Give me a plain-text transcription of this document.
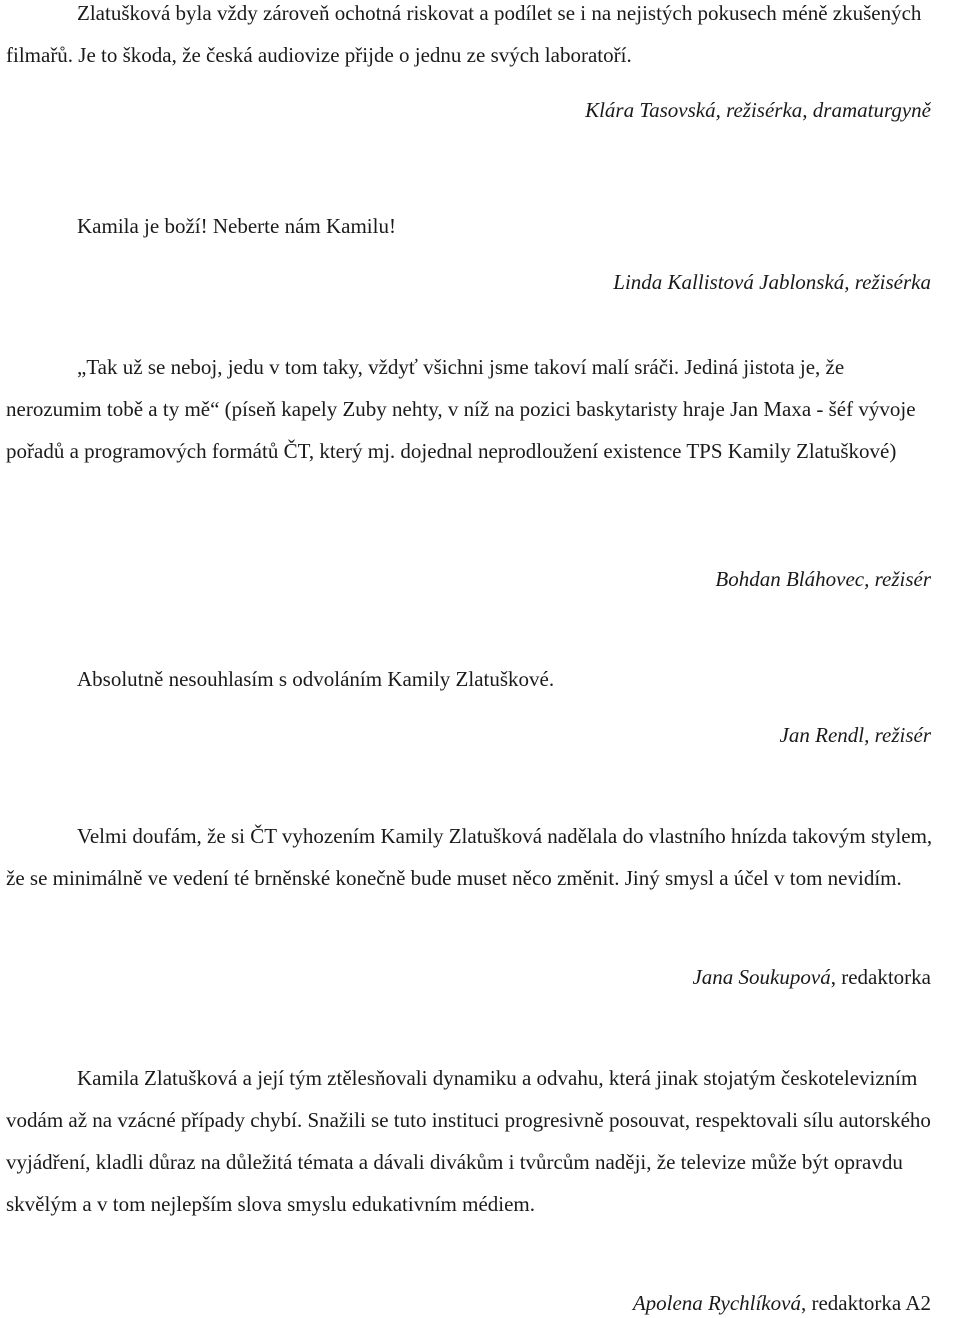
Zlatušková byla vždy zároveň ochotná riskovat a podílet se i na nejistých pokusech méně zkušených filmařů. Je to škoda, že česká audiovize přijde o jednu ze svých laboratoří.

Klára Tasovská, režisérka, dramaturgyně

Kamila je boží! Neberte nám Kamilu!

Linda Kallistová Jablonská, režisérka

„Tak už se neboj, jedu v tom taky, vždyť všichni jsme takoví malí sráči. Jediná jistota je, že nerozumim tobě a ty mě“ (píseň kapely Zuby nehty, v níž na pozici baskytaristy hraje Jan Maxa - šéf vývoje pořadů a programových formátů ČT, který mj. dojednal neprodloužení existence TPS Kamily Zlatuškové)

Bohdan Bláhovec, režisér

Absolutně nesouhlasím s odvoláním Kamily Zlatuškové.

Jan Rendl, režisér

Velmi doufám, že si ČT vyhozením Kamily Zlatušková nadělala do vlastního hnízda takovým stylem, že se minimálně ve vedení té brněnské konečně bude muset něco změnit. Jiný smysl a účel v tom nevidím.

Jana Soukupová, redaktorka

Kamila Zlatušková a její tým ztělesňovali dynamiku a odvahu, která jinak stojatým českotelevizním vodám až na vzácné případy chybí. Snažili se tuto instituci progresivně posouvat, respektovali sílu autorského vyjádření, kladli důraz na důležitá témata a dávali divákům i tvůrcům naději, že televize může být opravdu skvělým a v tom nejlepším slova smyslu edukativním médiem.

Apolena Rychlíková, redaktorka A2
